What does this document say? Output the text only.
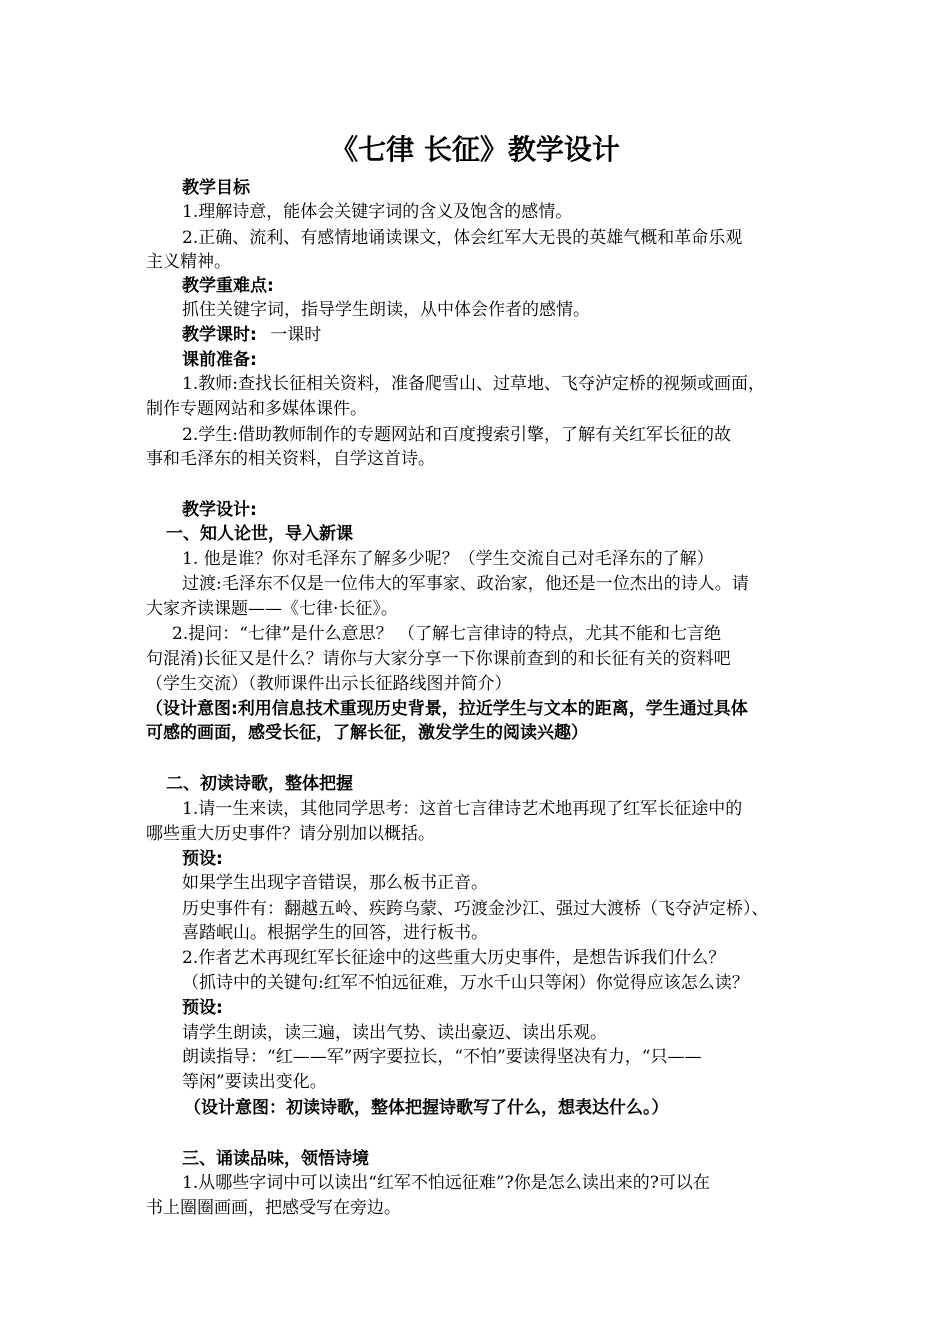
《七律 长征》教学设计
教学目标
1.理解诗意，能体会关键字词的含义及饱含的感情。
2.正确、流利、有感情地诵读课文，体会红军大无畏的英雄气概和革命乐观
主义精神。
教学重难点:
抓住关键字词，指导学生朗读，从中体会作者的感情。
教学课时: 一课时
课前准备:
1.教师:查找长征相关资料，准备爬雪山、过草地、飞夺泸定桥的视频或画面，
制作专题网站和多媒体课件。
2.学生:借助教师制作的专题网站和百度搜索引擎，了解有关红军长征的故
事和毛泽东的相关资料，自学这首诗。
教学设计:
一、知人论世，导入新课
1. 他是谁？你对毛泽东了解多少呢？（学生交流自己对毛泽东的了解）
过渡:毛泽东不仅是一位伟大的军事家、政治家，他还是一位杰出的诗人。请
大家齐读课题——《七律·长征》。
2.提问：“七律”是什么意思？ （了解七言律诗的特点，尤其不能和七言绝
句混淆)长征又是什么？请你与大家分享一下你课前查到的和长征有关的资料吧
（学生交流）（教师课件出示长征路线图并简介）
（设计意图:利用信息技术重现历史背景，拉近学生与文本的距离，学生通过具体
可感的画面，感受长征，了解长征，激发学生的阅读兴趣）
二、初读诗歌，整体把握
1.请一生来读，其他同学思考：这首七言律诗艺术地再现了红军长征途中的
哪些重大历史事件？请分别加以概括。
预设:
如果学生出现字音错误，那么板书正音。
历史事件有：翻越五岭、疾跨乌蒙、巧渡金沙江、强过大渡桥（飞夺泸定桥）、
喜踏岷山。根据学生的回答，进行板书。
2.作者艺术再现红军长征途中的这些重大历史事件，是想告诉我们什么？
（抓诗中的关键句:红军不怕远征难，万水千山只等闲）你觉得应该怎么读？
预设:
请学生朗读，读三遍，读出气势、读出豪迈、读出乐观。
朗读指导：“红——军”两字要拉长，“不怕”要读得坚决有力，“只——
等闲”要读出变化。
（设计意图：初读诗歌，整体把握诗歌写了什么，想表达什么。）
三、诵读品味，领悟诗境
1.从哪些字词中可以读出“红军不怕远征难”?你是怎么读出来的?可以在
书上圈圈画画，把感受写在旁边。
